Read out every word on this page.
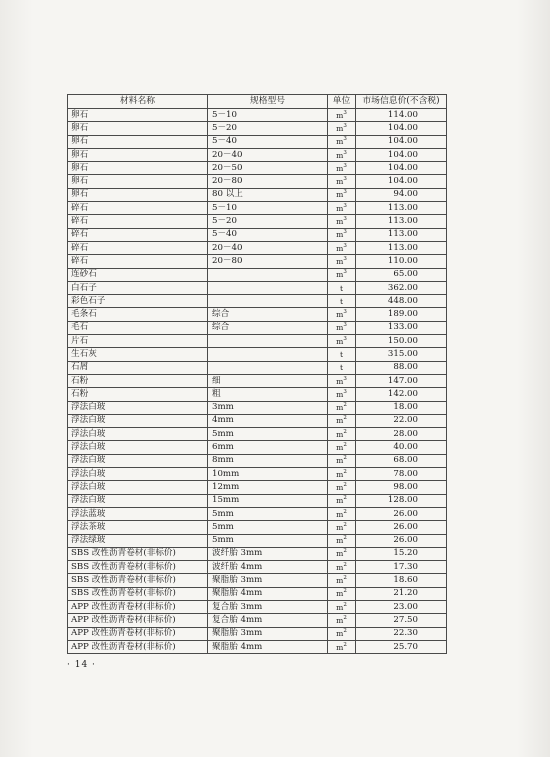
材料名称	规格型号	单位	市场信息价(不含税)
卵石	5－10	$m^3$	114.00
卵石	5－20	$m^3$	104.00
卵石	5－40	$m^3$	104.00
卵石	20－40	$m^3$	104.00
卵石	20－50	$m^3$	104.00
卵石	20－80	$m^3$	104.00
卵石	80 以上	$m^3$	94.00
碎石	5－10	$m^3$	113.00
碎石	5－20	$m^3$	113.00
碎石	5－40	$m^3$	113.00
碎石	20－40	$m^3$	113.00
碎石	20－80	$m^3$	110.00
连砂石		$m^3$	65.00
白石子		t	362.00
彩色石子		t	448.00
毛条石	综合	$m^3$	189.00
毛石	综合	$m^3$	133.00
片石		$m^3$	150.00
生石灰		t	315.00
石屑		t	88.00
石粉	细	$m^3$	147.00
石粉	粗	$m^3$	142.00
浮法白玻	3mm	$m^2$	18.00
浮法白玻	4mm	$m^2$	22.00
浮法白玻	5mm	$m^2$	28.00
浮法白玻	6mm	$m^2$	40.00
浮法白玻	8mm	$m^2$	68.00
浮法白玻	10mm	$m^2$	78.00
浮法白玻	12mm	$m^2$	98.00
浮法白玻	15mm	$m^2$	128.00
浮法蓝玻	5mm	$m^2$	26.00
浮法茶玻	5mm	$m^2$	26.00
浮法绿玻	5mm	$m^2$	26.00
SBS 改性沥青卷材(非标价)	波纤胎 3mm	$m^2$	15.20
SBS 改性沥青卷材(非标价)	波纤胎 4mm	$m^2$	17.30
SBS 改性沥青卷材(非标价)	聚脂胎 3mm	$m^2$	18.60
SBS 改性沥青卷材(非标价)	聚脂胎 4mm	$m^2$	21.20
APP 改性沥青卷材(非标价)	复合胎 3mm	$m^2$	23.00
APP 改性沥青卷材(非标价)	复合胎 4mm	$m^2$	27.50
APP 改性沥青卷材(非标价)	聚脂胎 3mm	$m^2$	22.30
APP 改性沥青卷材(非标价)	聚脂胎 4mm	$m^2$	25.70
· 14 ·
